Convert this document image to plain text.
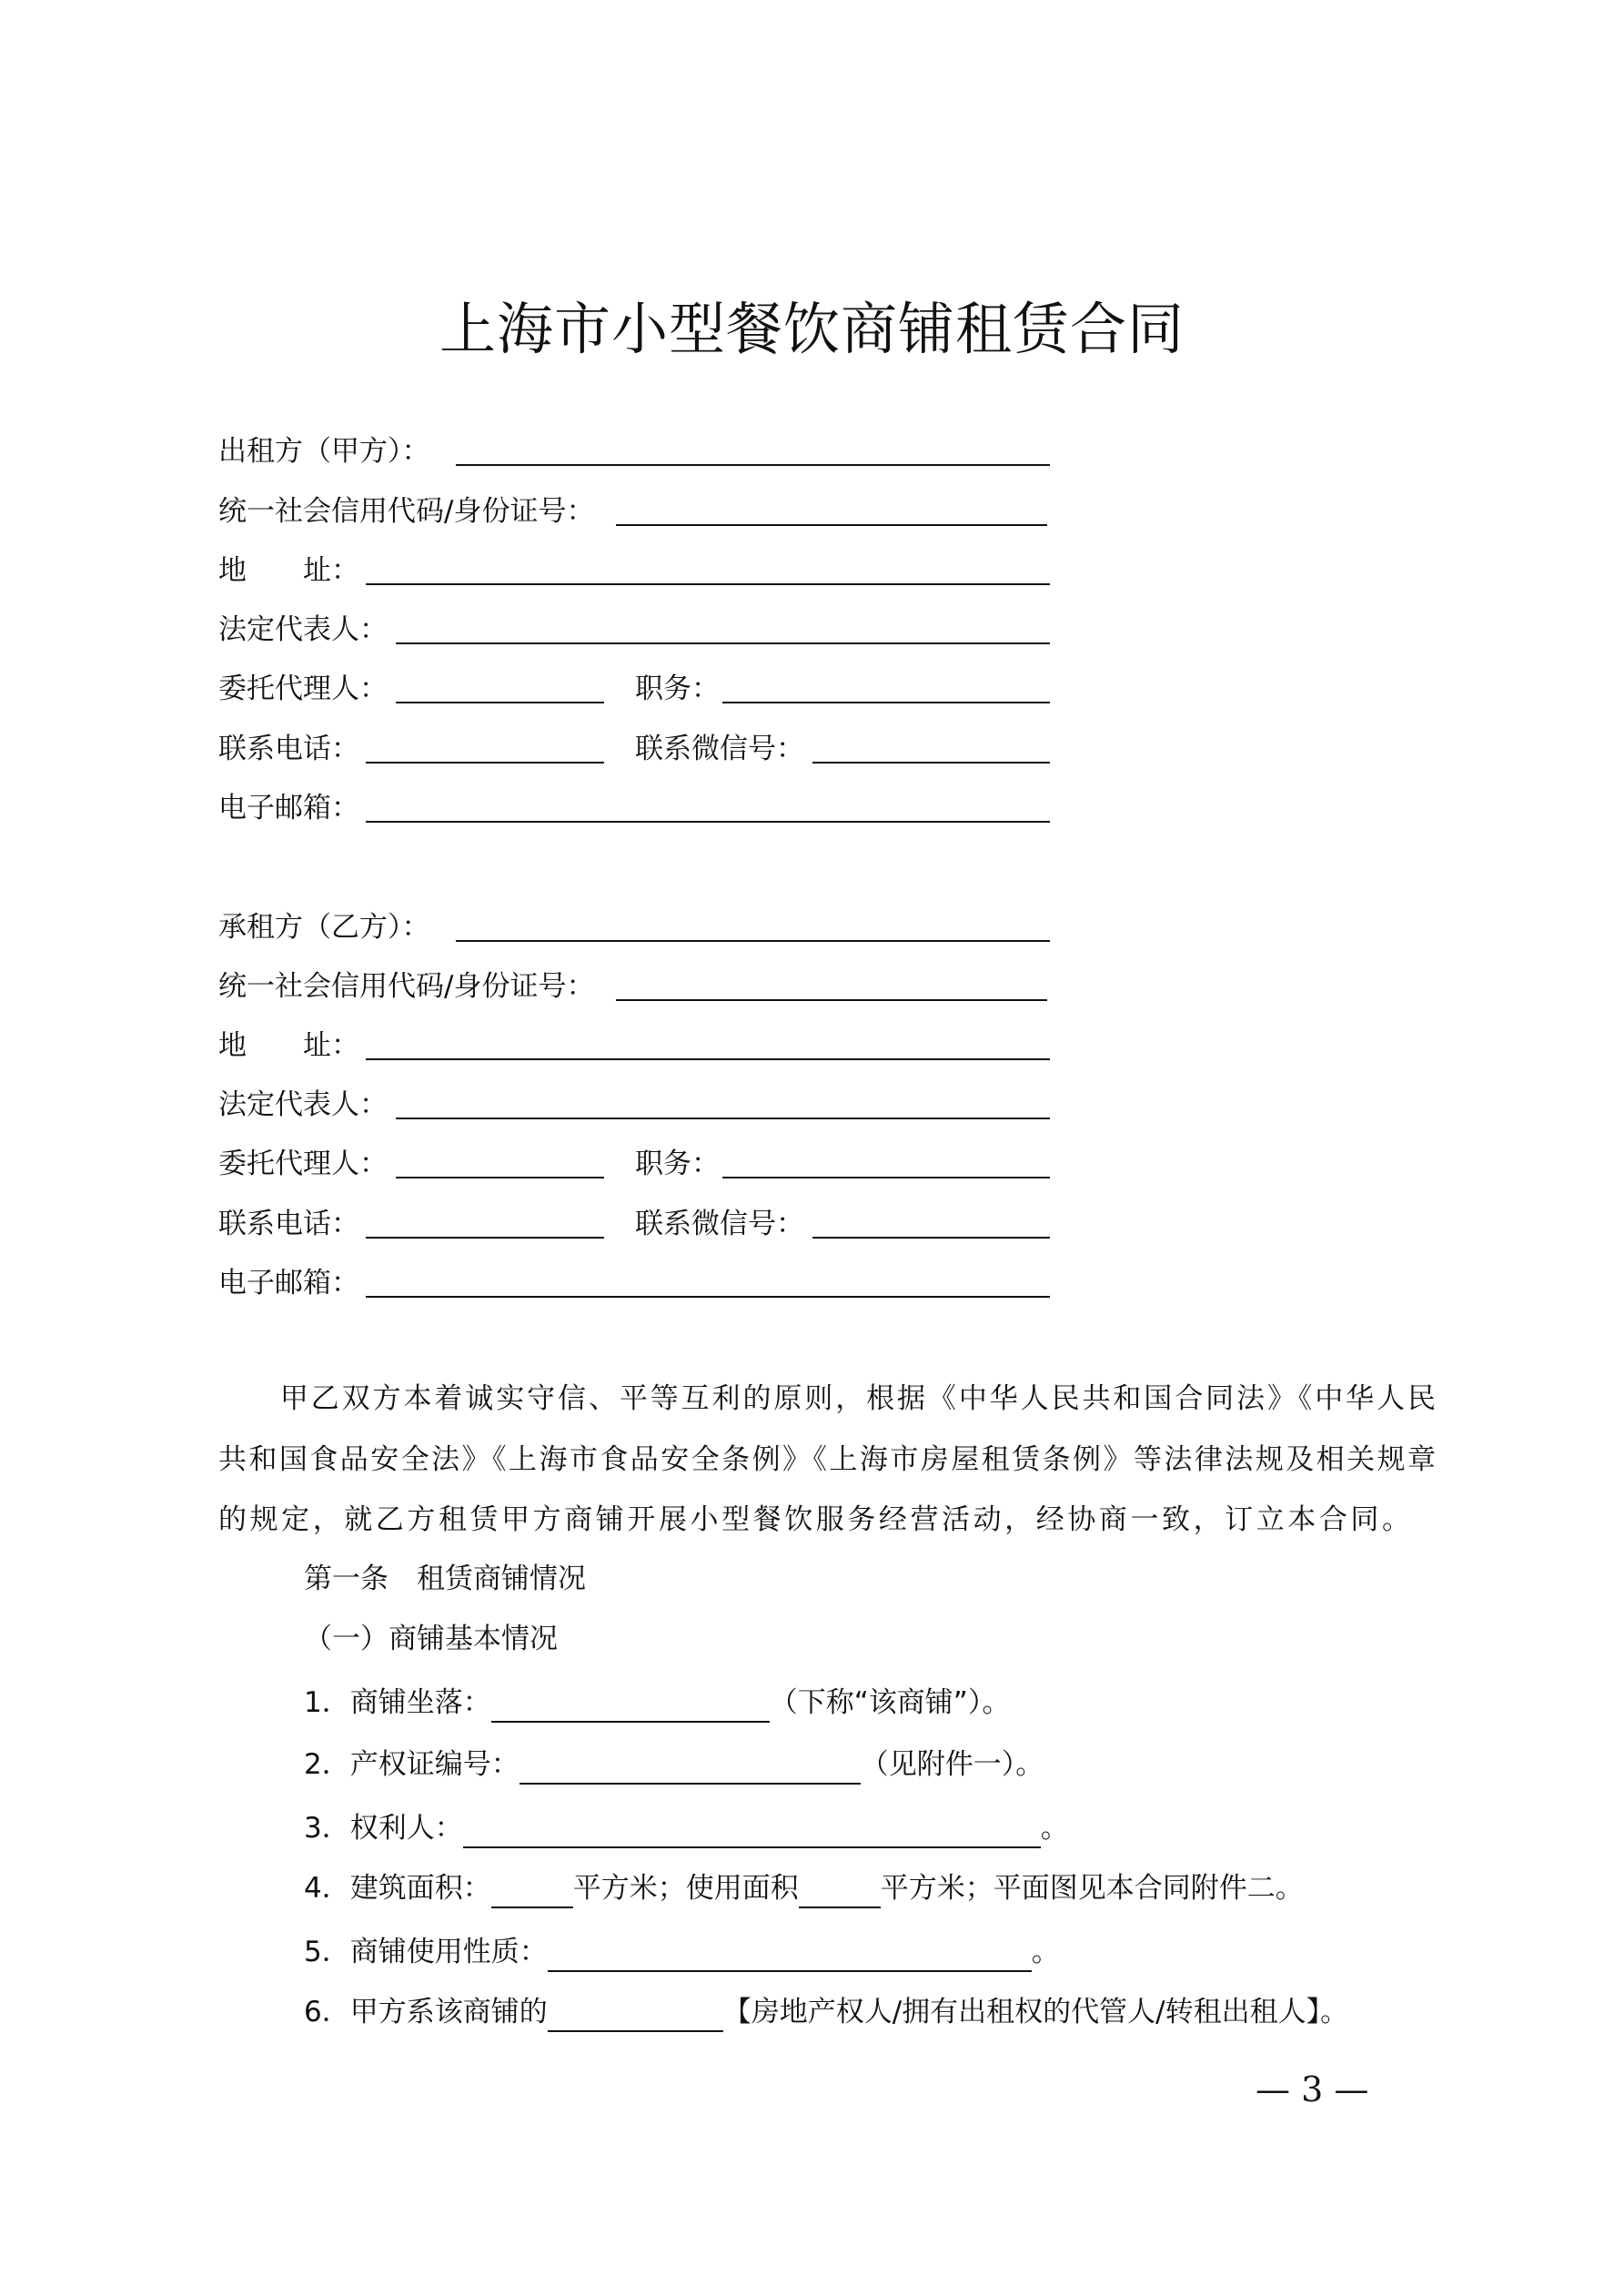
上海市小型餐饮商铺租赁合同
出租方（甲方）：
统一社会信用代码/身份证号：
地　　址：
法定代表人：
委托代理人：	职务：
联系电话：	联系微信号：
电子邮箱：
承租方（乙方）：
统一社会信用代码/身份证号：
地　　址：
法定代表人：
委托代理人：	职务：
联系电话：	联系微信号：
电子邮箱：
　　甲乙双方本着诚实守信、平等互利的原则，根据《中华人民共和国合同法》《中华人民
共和国食品安全法》《上海市食品安全条例》《上海市房屋租赁条例》等法律法规及相关规章
的规定，就乙方租赁甲方商铺开展小型餐饮服务经营活动，经协商一致，订立本合同。
第一条　租赁商铺情况
（一）商铺基本情况
1．商铺坐落：	（下称“该商铺”）。
2．产权证编号：	（见附件一）。
3．权利人：	。
4．建筑面积：	平方米；使用面积	平方米；平面图见本合同附件二。
5．商铺使用性质：	。
6．甲方系该商铺的	【房地产权人/拥有出租权的代管人/转租出租人】。
— 3 —
